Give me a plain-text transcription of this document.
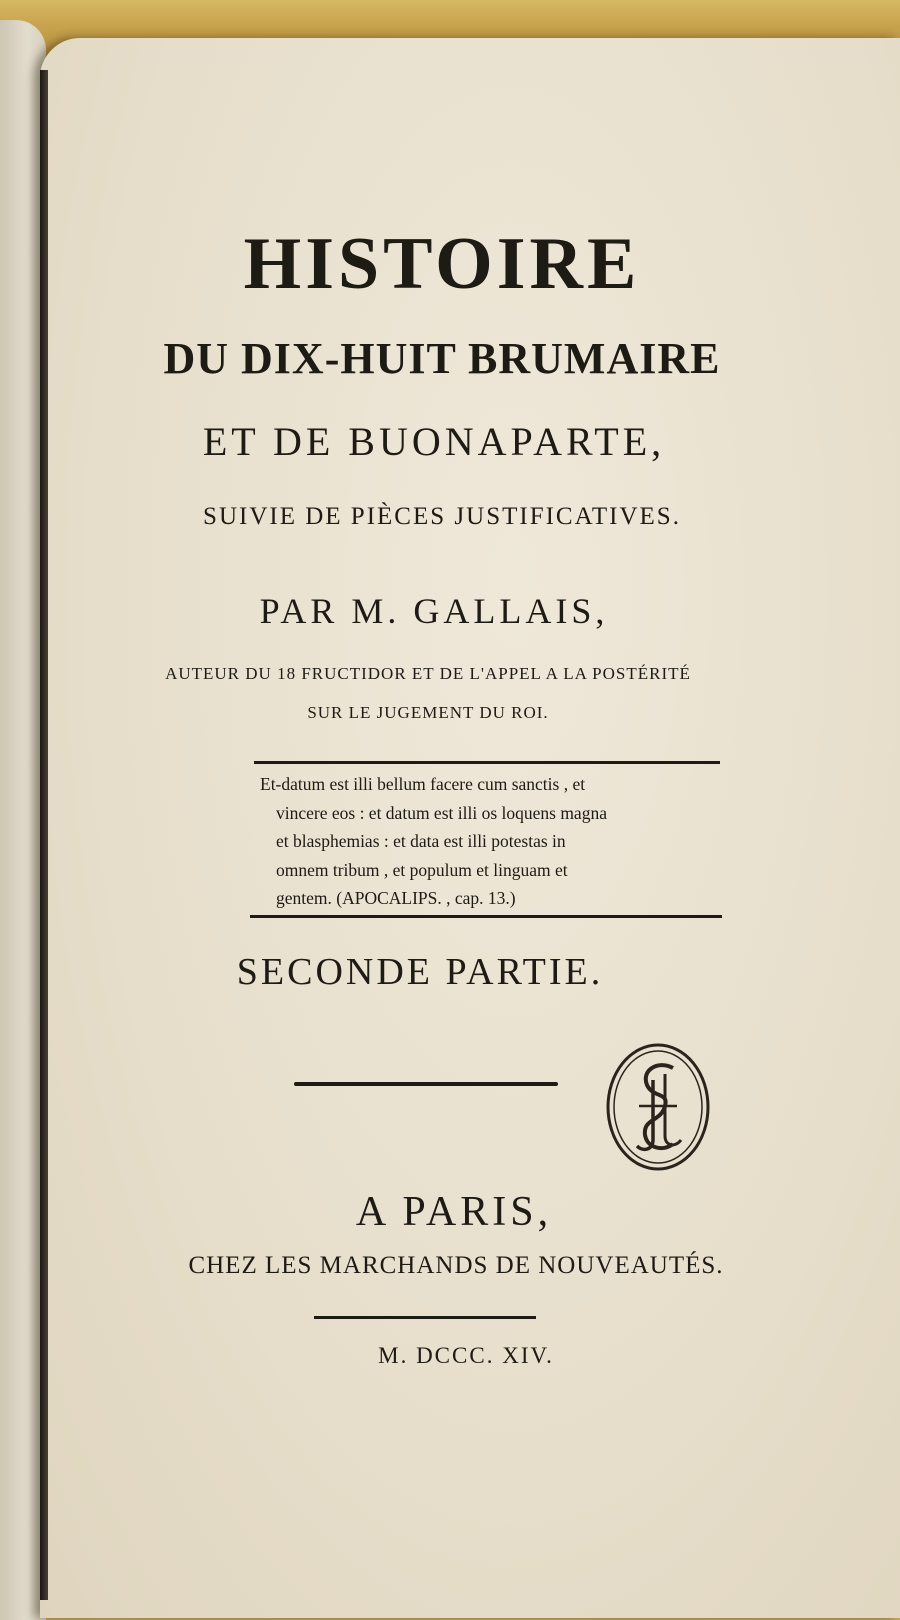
HISTOIRE
DU DIX-HUIT BRUMAIRE
ET DE BUONAPARTE,
SUIVIE DE PIÈCES JUSTIFICATIVES.
PAR M. GALLAIS,
AUTEUR DU 18 FRUCTIDOR ET DE L'APPEL A LA POSTÉRITÉ
SUR LE JUGEMENT DU ROI.
Et-datum est illi bellum facere cum sanctis , et
vincere eos : et datum est illi os loquens magna
et blasphemias : et data est illi potestas in
omnem tribum , et populum et linguam et
gentem. (APOCALIPS. , cap. 13.)
SECONDE PARTIE.
A PARIS,
CHEZ LES MARCHANDS DE NOUVEAUTÉS.
M. DCCC. XIV.
